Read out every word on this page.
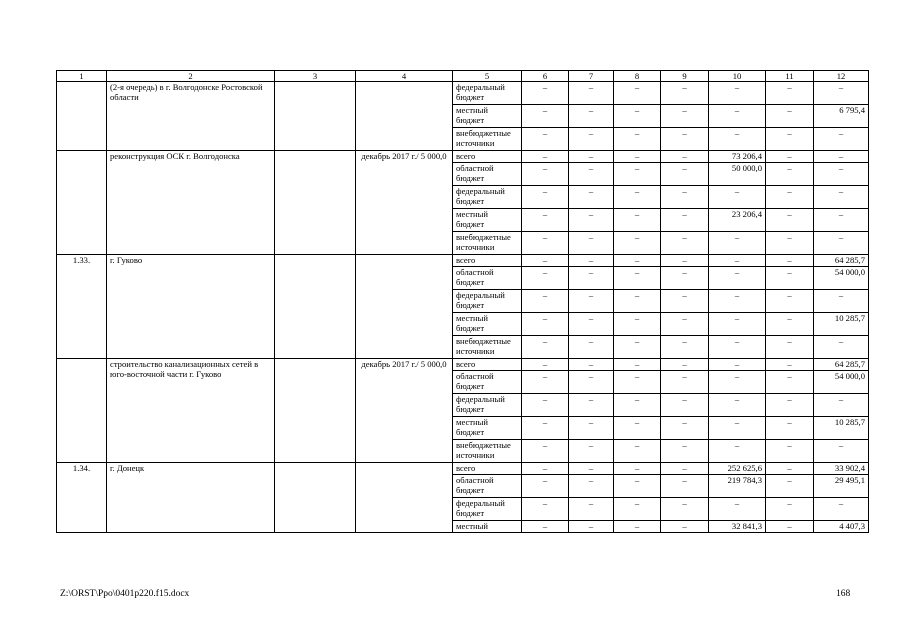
1	2	3	4	5	6	7	8	9	10	11	12
	(2-я очередь) в г. Волгодонске Ростовской области			федеральный бюджет	–	–	–	–	–	–	–
				местный бюджет	–	–	–	–	–	–	6 795,4
				внебюджетные источники	–	–	–	–	–	–	–
	реконструкция ОСК г. Волгодонска		декабрь 2017 г./ 5 000,0	всего	–	–	–	–	73 206,4	–	–
				областной бюджет	–	–	–	–	50 000,0	–	–
				федеральный бюджет	–	–	–	–	–	–	–
				местный бюджет	–	–	–	–	23 206,4	–	–
				внебюджетные источники	–	–	–	–	–	–	–
1.33.	г. Гуково			всего	–	–	–	–	–	–	64 285,7
				областной бюджет	–	–	–	–	–	–	54 000,0
				федеральный бюджет	–	–	–	–	–	–	–
				местный бюджет	–	–	–	–	–	–	10 285,7
				внебюджетные источники	–	–	–	–	–	–	–
	строительство канализационных сетей в юго-восточной части г. Гуково		декабрь 2017 г./ 5 000,0	всего	–	–	–	–	–	–	64 285,7
				областной бюджет	–	–	–	–	–	–	54 000,0
				федеральный бюджет	–	–	–	–	–	–	–
				местный бюджет	–	–	–	–	–	–	10 285,7
				внебюджетные источники	–	–	–	–	–	–	–
1.34.	г. Донецк			всего	–	–	–	–	252 625,6	–	33 902,4
				областной бюджет	–	–	–	–	219 784,3	–	29 495,1
				федеральный бюджет	–	–	–	–	–	–	–
				местный	–	–	–	–	32 841,3	–	4 407,3
Z:\ORST\Ppo\0401p220.f15.docx	168
